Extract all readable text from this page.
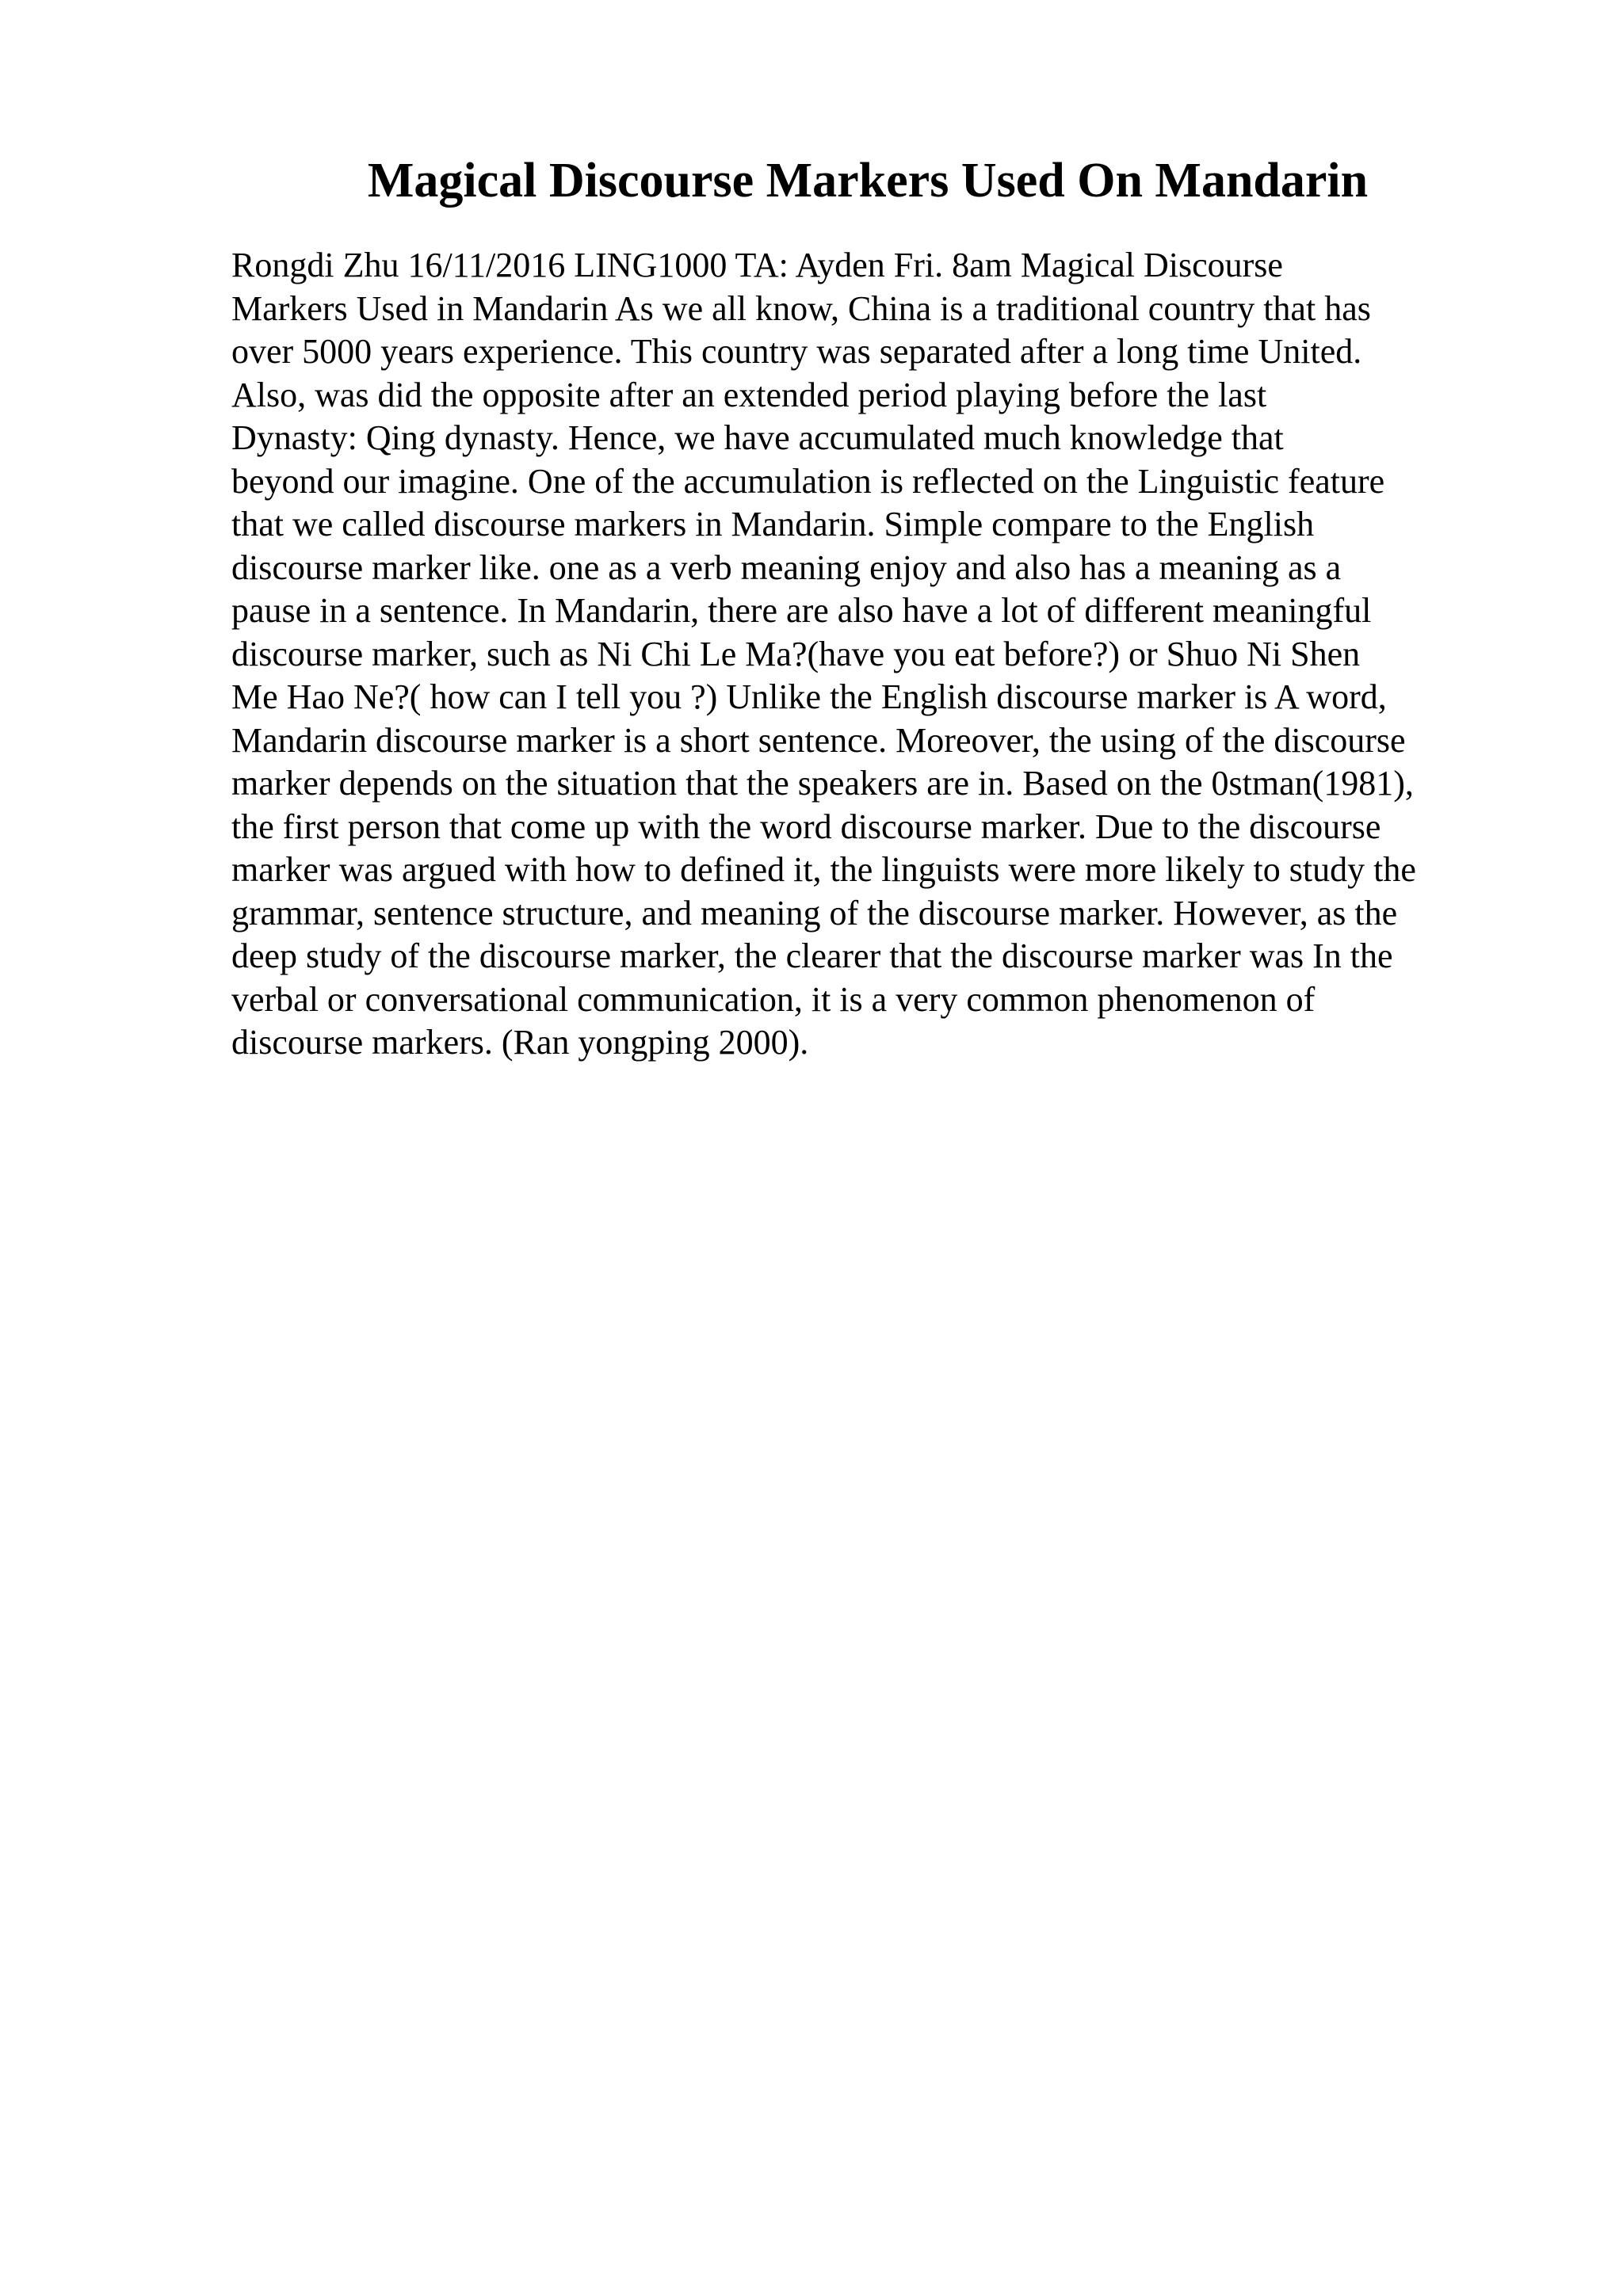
Magical Discourse Markers Used On Mandarin
Rongdi Zhu 16/11/2016 LING1000 TA: Ayden Fri. 8am Magical Discourse
Markers Used in Mandarin As we all know, China is a traditional country that has
over 5000 years experience. This country was separated after a long time United.
Also, was did the opposite after an extended period playing before the last
Dynasty: Qing dynasty. Hence, we have accumulated much knowledge that
beyond our imagine. One of the accumulation is reflected on the Linguistic feature
that we called discourse markers in Mandarin. Simple compare to the English
discourse marker like. one as a verb meaning enjoy and also has a meaning as a
pause in a sentence. In Mandarin, there are also have a lot of different meaningful
discourse marker, such as Ni Chi Le Ma?(have you eat before?) or Shuo Ni Shen
Me Hao Ne?( how can I tell you ?) Unlike the English discourse marker is A word,
Mandarin discourse marker is a short sentence. Moreover, the using of the discourse
marker depends on the situation that the speakers are in. Based on the 0stman(1981),
the first person that come up with the word discourse marker. Due to the discourse
marker was argued with how to defined it, the linguists were more likely to study the
grammar, sentence structure, and meaning of the discourse marker. However, as the
deep study of the discourse marker, the clearer that the discourse marker was In the
verbal or conversational communication, it is a very common phenomenon of
discourse markers. (Ran yongping 2000).
